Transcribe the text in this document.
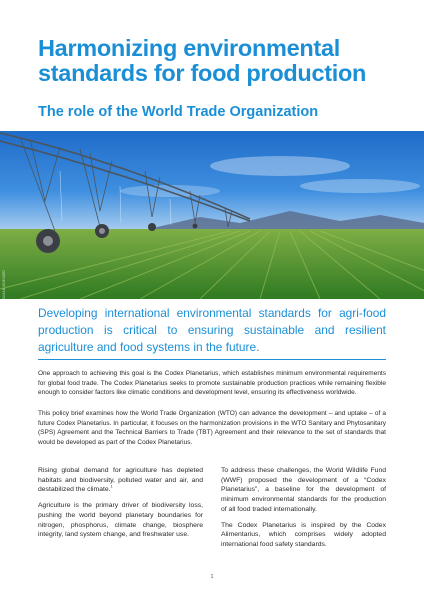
Harmonizing environmental
standards for food production
The role of the World Trade Organization
PHOTO: ADOBESTOCK / SUSAN VINEYARD	Developing international environmental standards for agri-food production is critical to ensuring sustainable and resilient agriculture and food systems in the future.

One approach to achieving this goal is the Codex Planetarius, which establishes minimum environmental requirements for global food trade. The Codex Planetarius seeks to promote sustainable production practices while remaining flexible enough to consider factors like climatic conditions and development level, ensuring its effectiveness worldwide.

This policy brief examines how the World Trade Organization (WTO) can advance the development – and uptake – of a future Codex Planetarius. In particular, it focuses on the harmonization provisions in the WTO Sanitary and Phytosanitary (SPS) Agreement and the Technical Barriers to Trade (TBT) Agreement and their relevance to the set of standards that would be developed as part of the Codex Planetarius.

Rising global demand for agriculture has depleted habitats and biodiversity, polluted water and air, and destabilized the climate.$^1$

Agriculture is the primary driver of biodiversity loss, pushing the world beyond planetary boundaries for nitrogen, phosphorus, climate change, biosphere integrity, land system change, and freshwater use.

To address these challenges, the World Wildlife Fund (WWF) proposed the development of a “Codex Planetarius”, a baseline for the development of minimum environmental standards for the production of all food traded internationally.

The Codex Planetarius is inspired by the Codex Alimentarius, which comprises widely adopted international food safety standards.

1
